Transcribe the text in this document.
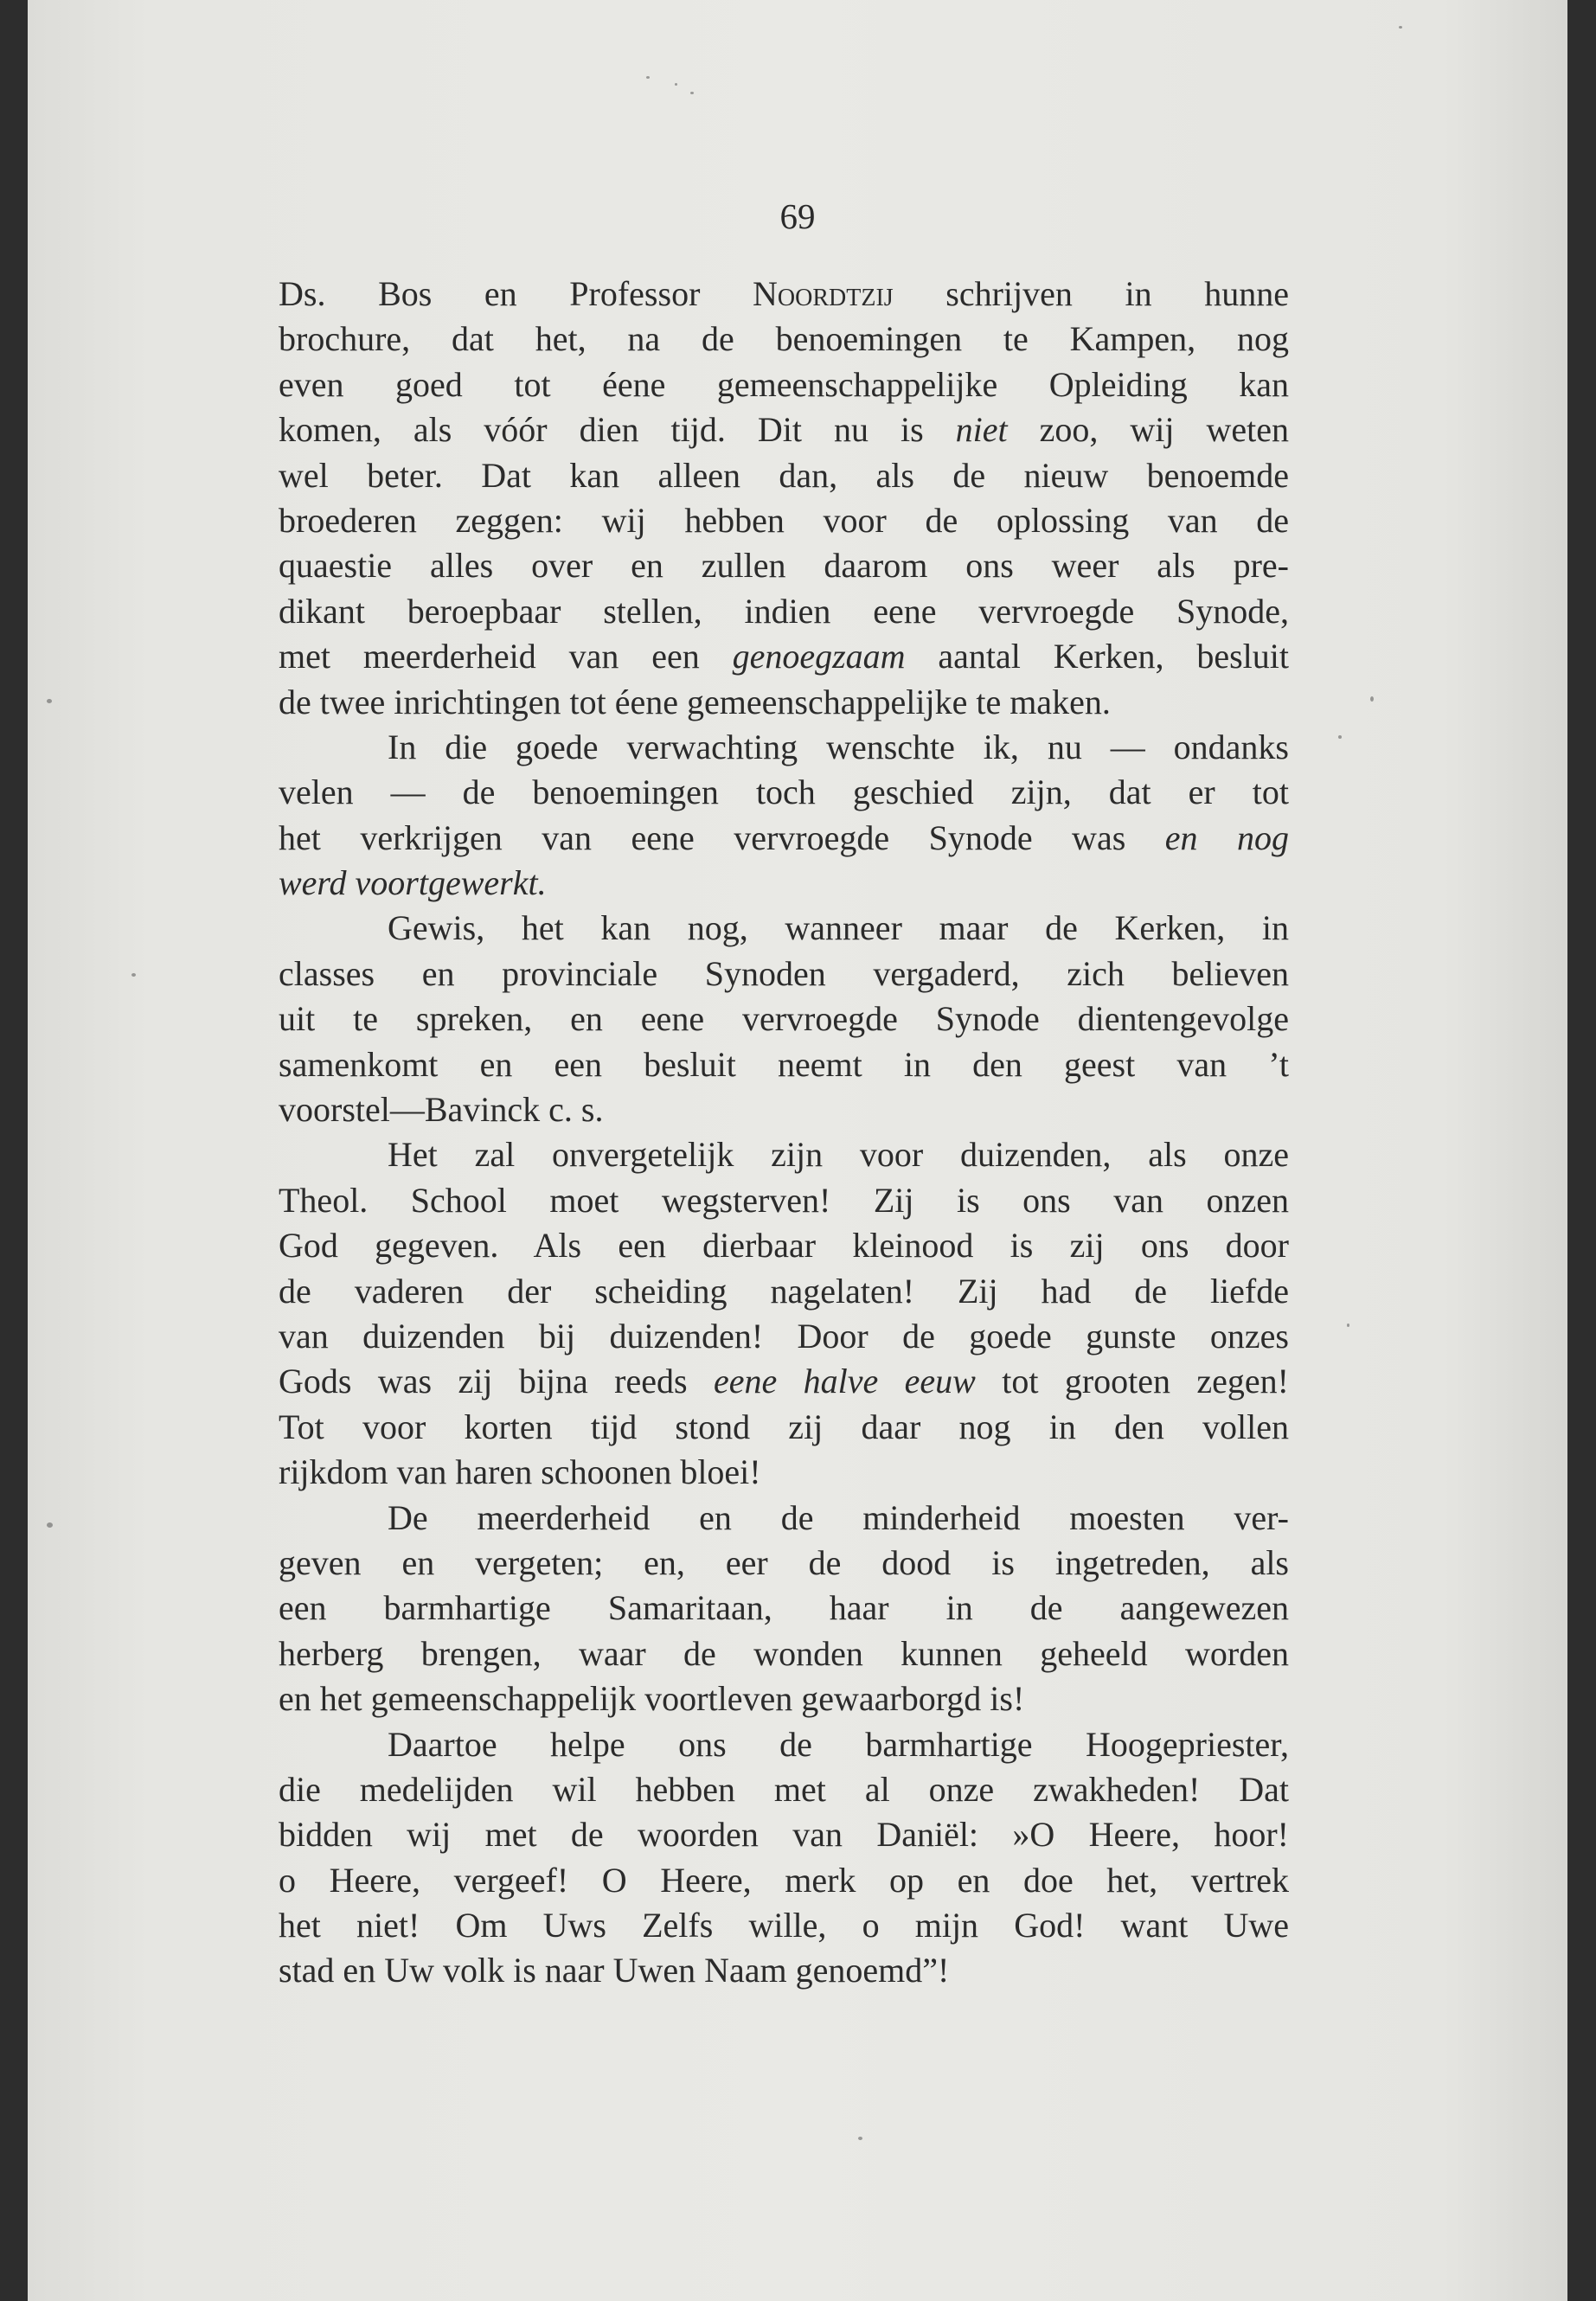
69
Ds. Bos en Professor Noordtzij schrijven in hunne
brochure, dat het, na de benoemingen te Kampen, nog
even goed tot éene gemeenschappelijke Opleiding kan
komen, als vóór dien tijd. Dit nu is niet zoo, wij weten
wel beter. Dat kan alleen dan, als de nieuw benoemde
broederen zeggen: wij hebben voor de oplossing van de
quaestie alles over en zullen daarom ons weer als pre-
dikant beroepbaar stellen, indien eene vervroegde Synode,
met meerderheid van een genoegzaam aantal Kerken, besluit
de twee inrichtingen tot éene gemeenschappelijke te maken.
In die goede verwachting wenschte ik, nu — ondanks
velen — de benoemingen toch geschied zijn, dat er tot
het verkrijgen van eene vervroegde Synode was en nog
werd voortgewerkt.
Gewis, het kan nog, wanneer maar de Kerken, in
classes en provinciale Synoden vergaderd, zich believen
uit te spreken, en eene vervroegde Synode dientengevolge
samenkomt en een besluit neemt in den geest van ’t
voorstel—Bavinck c. s.
Het zal onvergetelijk zijn voor duizenden, als onze
Theol. School moet wegsterven! Zij is ons van onzen
God gegeven. Als een dierbaar kleinood is zij ons door
de vaderen der scheiding nagelaten! Zij had de liefde
van duizenden bij duizenden! Door de goede gunste onzes
Gods was zij bijna reeds eene halve eeuw tot grooten zegen!
Tot voor korten tijd stond zij daar nog in den vollen
rijkdom van haren schoonen bloei!
De meerderheid en de minderheid moesten ver-
geven en vergeten; en, eer de dood is ingetreden, als
een barmhartige Samaritaan, haar in de aangewezen
herberg brengen, waar de wonden kunnen geheeld worden
en het gemeenschappelijk voortleven gewaarborgd is!
Daartoe helpe ons de barmhartige Hoogepriester,
die medelijden wil hebben met al onze zwakheden! Dat
bidden wij met de woorden van Daniël: »O Heere, hoor!
o Heere, vergeef! O Heere, merk op en doe het, vertrek
het niet! Om Uws Zelfs wille, o mijn God! want Uwe
stad en Uw volk is naar Uwen Naam genoemd”!
